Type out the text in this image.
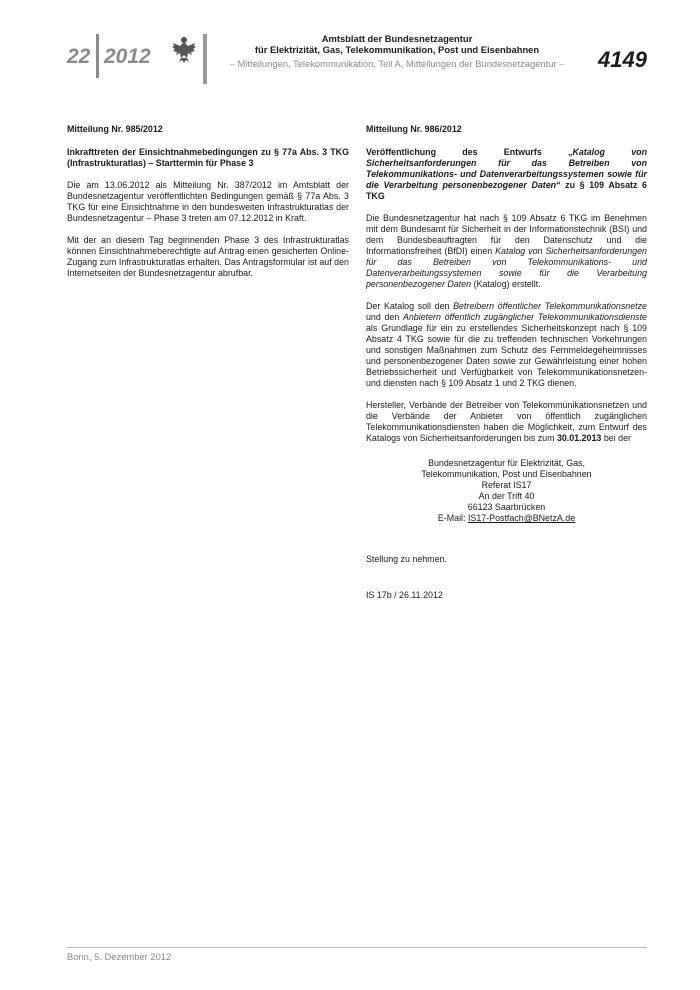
22 2012
Amtsblatt der Bundesnetzagentur
für Elektrizität, Gas, Telekommunikation, Post und Eisenbahnen
– Mitteilungen, Telekommunikation, Teil A, Mitteilungen der Bundesnetzagentur –	4149

Mitteilung Nr. 985/2012

Inkrafttreten der Einsichtnahmebedingungen zu § 77a Abs. 3 TKG (Infrastrukturatlas) – Starttermin für Phase 3

Die am 13.06.2012 als Mitteilung Nr. 387/2012 im Amtsblatt der Bundesnetzagentur veröffentlichten Bedingungen gemäß § 77a Abs. 3 TKG für eine Einsichtnahme in den bundesweiten Infrastrukturatlas der Bundesnetzagentur – Phase 3 treten am 07.12.2012 in Kraft.

Mit der an diesem Tag beginnenden Phase 3 des Infrastrukturatlas können Einsichtnahmeberechtigte auf Antrag einen gesicherten Online-Zugang zum Infrastrukturatlas erhalten. Das Antragsformular ist auf den Internetseiten der Bundesnetzagentur abrufbar.

Mitteilung Nr. 986/2012

Veröffentlichung des Entwurfs „Katalog von Sicherheitsanforderungen für das Betreiben von Telekommunikations- und Datenverarbeitungssystemen sowie für die Verarbeitung personenbezogener Daten“ zu § 109 Absatz 6 TKG

Die Bundesnetzagentur hat nach § 109 Absatz 6 TKG im Benehmen mit dem Bundesamt für Sicherheit in der Informationstechnik (BSI) und dem Bundesbeauftragten für den Datenschutz und die Informationsfreiheit (BfDI) einen Katalog von Sicherheitsanforderungen für das Betreiben von Telekommunikations- und Datenverarbeitungssystemen sowie für die Verarbeitung personenbezogener Daten (Katalog) erstellt.

Der Katalog soll den Betreibern öffentlicher Telekommunikationsnetze und den Anbietern öffentlich zugänglicher Telekommunikationsdienste als Grundlage für ein zu erstellendes Sicherheitskonzept nach § 109 Absatz 4 TKG sowie für die zu treffenden technischen Vorkehrungen und sonstigen Maßnahmen zum Schutz des Fernmeldegeheimnisses und personenbezogener Daten sowie zur Gewährleistung einer hohen Betriebssicherheit und Verfügbarkeit von Telekommunikationsnetzen- und diensten nach § 109 Absatz 1 und 2 TKG dienen.

Hersteller, Verbände der Betreiber von Telekommunikationsnetzen und die Verbände der Anbieter von öffentlich zugänglichen Telekommunikationsdiensten haben die Möglichkeit, zum Entwurf des Katalogs von Sicherheitsanforderungen bis zum 30.01.2013 bei der

Bundesnetzagentur für Elektrizität, Gas,
Telekommunikation, Post und Eisenbahnen
Referat IS17
An der Trift 40
66123 Saarbrücken
E-Mail: IS17-Postfach@BNetzA.de

Stellung zu nehmen.

IS 17b / 26.11.2012

Bonn, 5. Dezember 2012
